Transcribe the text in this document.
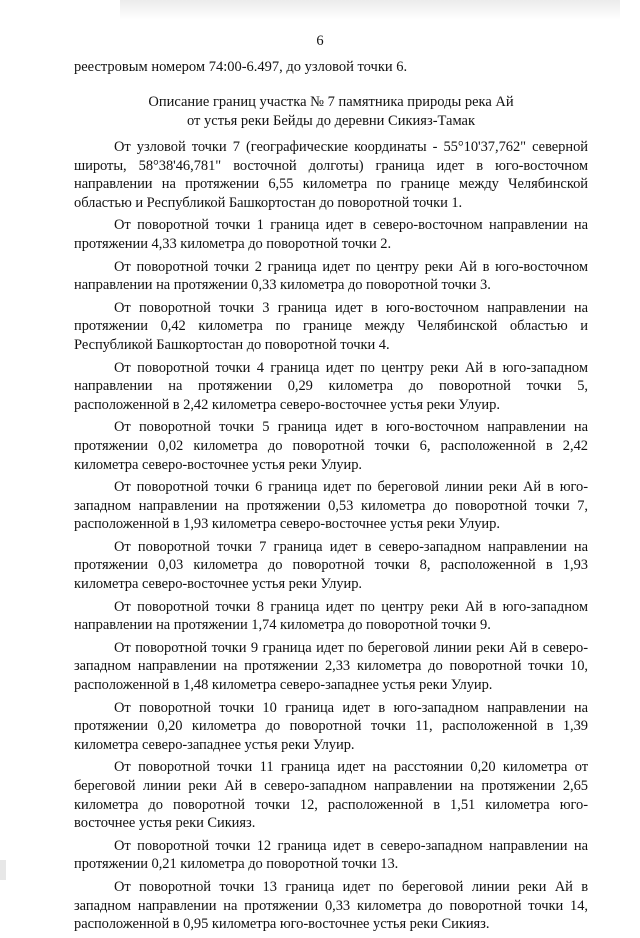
6
реестровым номером 74:00-6.497, до узловой точки 6.
Описание границ участка № 7 памятника природы река Ай
от устья реки Бейды до деревни Сикияз-Тамак

От узловой точки 7 (географические координаты - 55°10'37,762" северной широты, 58°38'46,781" восточной долготы) граница идет в юго-восточном направлении на протяжении 6,55 километра по границе между Челябинской областью и Республикой Башкортостан до поворотной точки 1.

От поворотной точки 1 граница идет в северо-восточном направлении на протяжении 4,33 километра до поворотной точки 2.

От поворотной точки 2 граница идет по центру реки Ай в юго-восточном направлении на протяжении 0,33 километра до поворотной точки 3.

От поворотной точки 3 граница идет в юго-восточном направлении на протяжении 0,42 километра по границе между Челябинской областью и Республикой Башкортостан до поворотной точки 4.

От поворотной точки 4 граница идет по центру реки Ай в юго-западном направлении на протяжении 0,29 километра до поворотной точки 5, расположенной в 2,42 километра северо-восточнее устья реки Улуир.

От поворотной точки 5 граница идет в юго-восточном направлении на протяжении 0,02 километра до поворотной точки 6, расположенной в 2,42 километра северо-восточнее устья реки Улуир.

От поворотной точки 6 граница идет по береговой линии реки Ай в юго-западном направлении на протяжении 0,53 километра до поворотной точки 7, расположенной в 1,93 километра северо-восточнее устья реки Улуир.

От поворотной точки 7 граница идет в северо-западном направлении на протяжении 0,03 километра до поворотной точки 8, расположенной в 1,93 километра северо-восточнее устья реки Улуир.

От поворотной точки 8 граница идет по центру реки Ай в юго-западном направлении на протяжении 1,74 километра до поворотной точки 9.

От поворотной точки 9 граница идет по береговой линии реки Ай в северо-западном направлении на протяжении 2,33 километра до поворотной точки 10, расположенной в 1,48 километра северо-западнее устья реки Улуир.

От поворотной точки 10 граница идет в юго-западном направлении на протяжении 0,20 километра до поворотной точки 11, расположенной в 1,39 километра северо-западнее устья реки Улуир.

От поворотной точки 11 граница идет на расстоянии 0,20 километра от береговой линии реки Ай в северо-западном направлении на протяжении 2,65 километра до поворотной точки 12, расположенной в 1,51 километра юго-восточнее устья реки Сикияз.

От поворотной точки 12 граница идет в северо-западном направлении на протяжении 0,21 километра до поворотной точки 13.

От поворотной точки 13 граница идет по береговой линии реки Ай в западном направлении на протяжении 0,33 километра до поворотной точки 14, расположенной в 0,95 километра юго-восточнее устья реки Сикияз.
